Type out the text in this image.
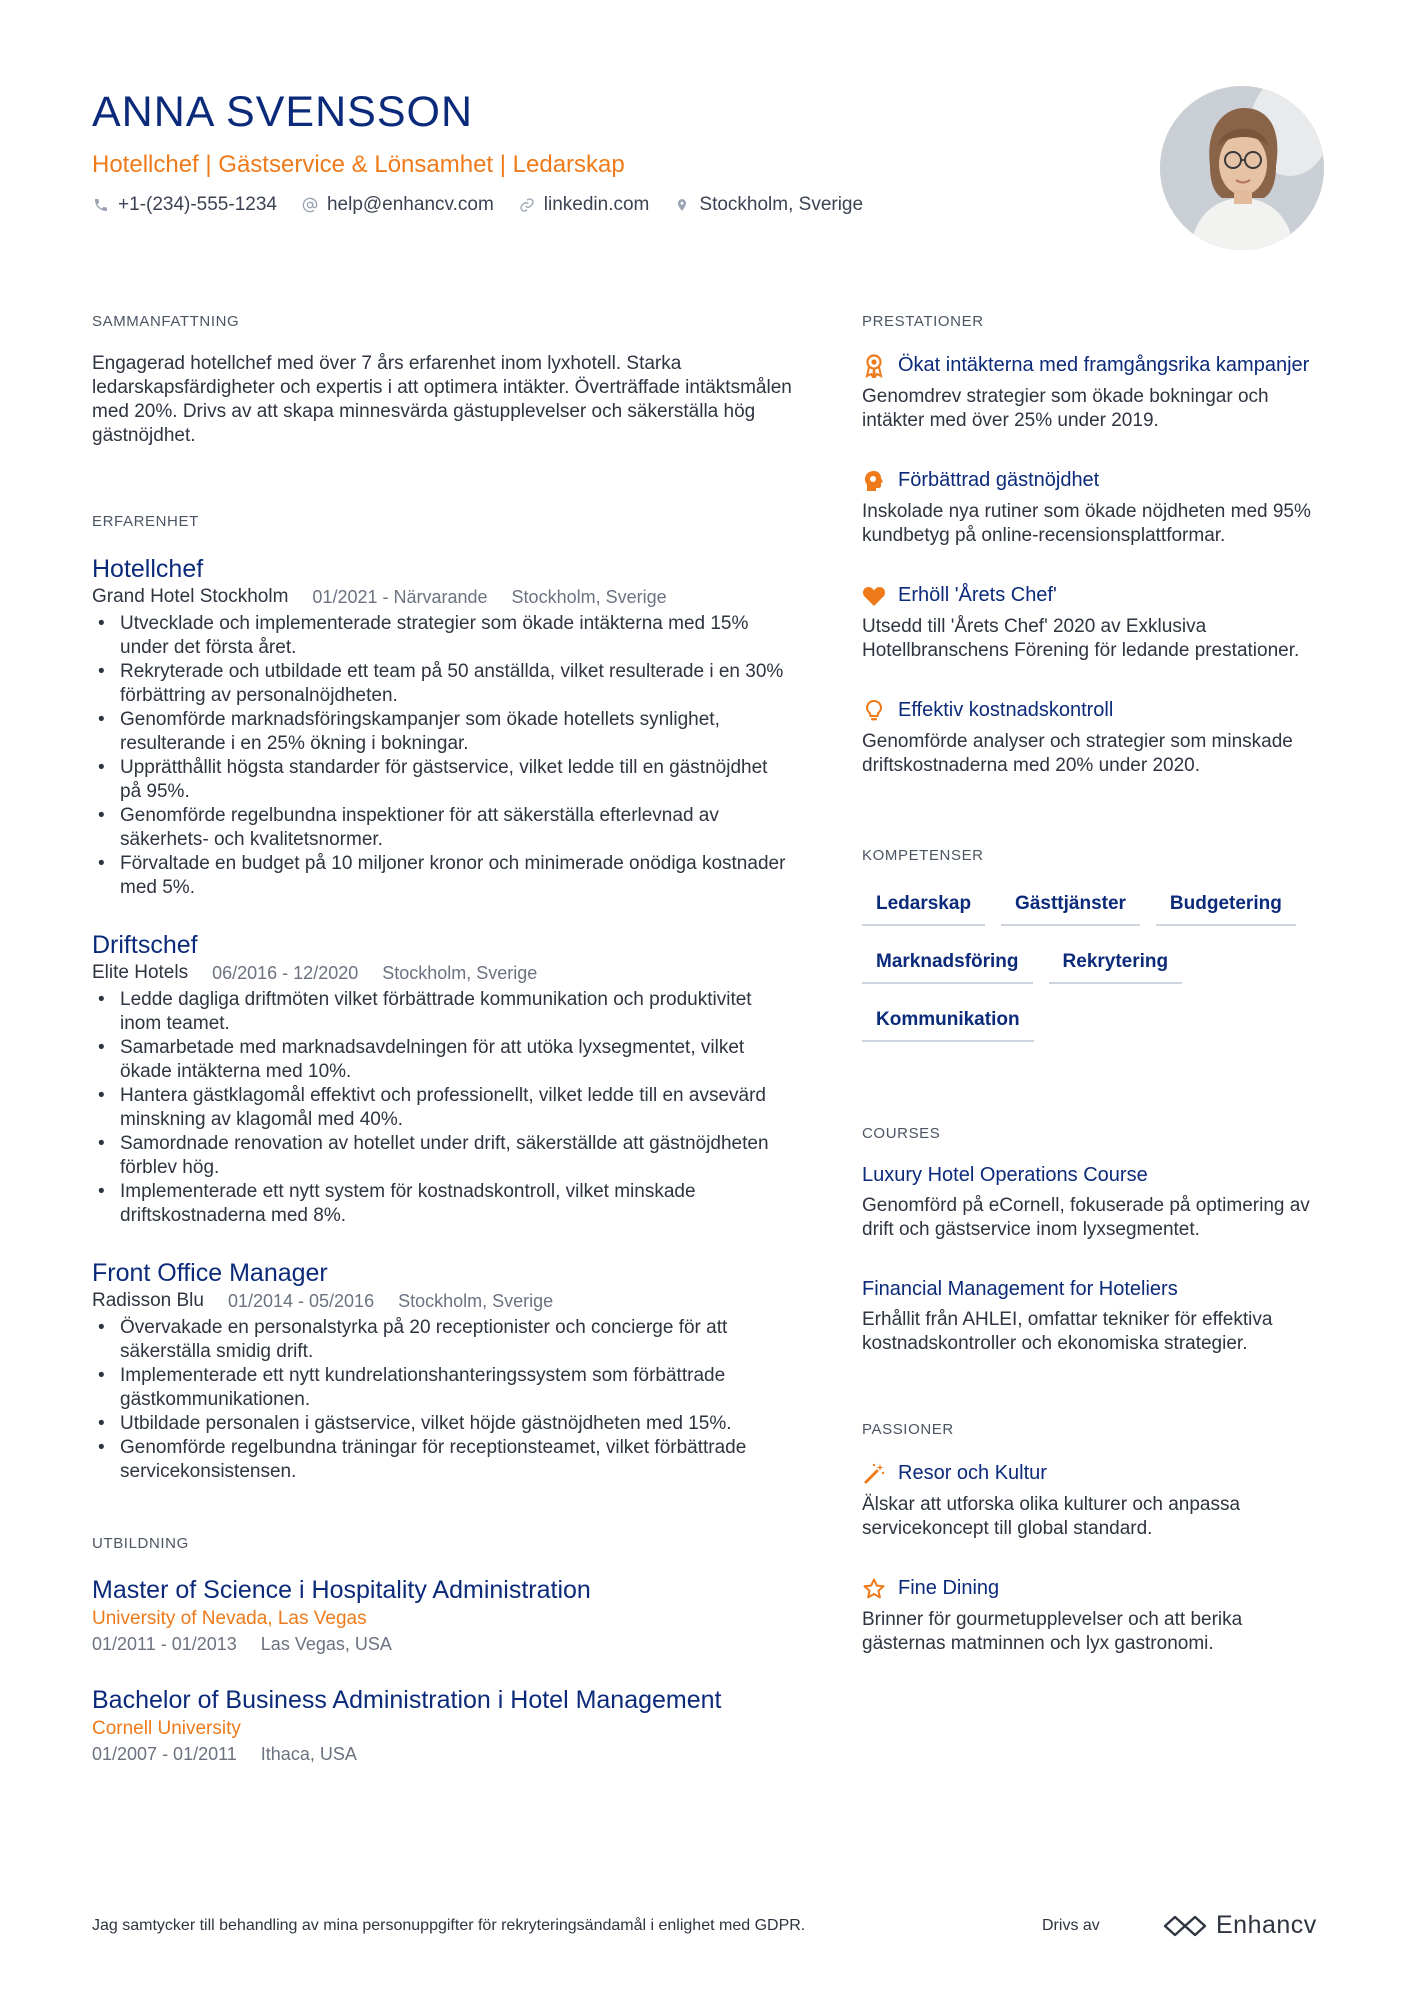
ANNA SVENSSON
Hotellchef | Gästservice & Lönsamhet | Ledarskap
+1-(234)-555-1234	help@enhancv.com	linkedin.com	Stockholm, Sverige
SAMMANFATTNING

Engagerad hotellchef med över 7 års erfarenhet inom lyxhotell. Starka ledarskapsfärdigheter och expertis i att optimera intäkter. Överträffade intäktsmålen med 20%. Drivs av att skapa minnesvärda gästupplevelser och säkerställa hög gästnöjdhet.

ERFARENHET
Hotellchef
Grand Hotel Stockholm 01/2021 - Närvarande Stockholm, Sverige
• Utvecklade och implementerade strategier som ökade intäkterna med 15% under det första året.
• Rekryterade och utbildade ett team på 50 anställda, vilket resulterade i en 30% förbättring av personalnöjdheten.
• Genomförde marknadsföringskampanjer som ökade hotellets synlighet, resulterande i en 25% ökning i bokningar.
• Upprätthållit högsta standarder för gästservice, vilket ledde till en gästnöjdhet på 95%.
• Genomförde regelbundna inspektioner för att säkerställa efterlevnad av säkerhets- och kvalitetsnormer.
• Förvaltade en budget på 10 miljoner kronor och minimerade onödiga kostnader med 5%.
Driftschef
Elite Hotels 06/2016 - 12/2020 Stockholm, Sverige
• Ledde dagliga driftmöten vilket förbättrade kommunikation och produktivitet inom teamet.
• Samarbetade med marknadsavdelningen för att utöka lyxsegmentet, vilket ökade intäkterna med 10%.
• Hantera gästklagomål effektivt och professionellt, vilket ledde till en avsevärd minskning av klagomål med 40%.
• Samordnade renovation av hotellet under drift, säkerställde att gästnöjdheten förblev hög.
• Implementerade ett nytt system för kostnadskontroll, vilket minskade driftskostnaderna med 8%.
Front Office Manager
Radisson Blu 01/2014 - 05/2016 Stockholm, Sverige
• Övervakade en personalstyrka på 20 receptionister och concierge för att säkerställa smidig drift.
• Implementerade ett nytt kundrelationshanteringssystem som förbättrade gästkommunikationen.
• Utbildade personalen i gästservice, vilket höjde gästnöjdheten med 15%.
• Genomförde regelbundna träningar för receptionsteamet, vilket förbättrade servicekonsistensen.
UTBILDNING
Master of Science i Hospitality Administration
University of Nevada, Las Vegas
01/2011 - 01/2013 Las Vegas, USA
Bachelor of Business Administration i Hotel Management
Cornell University
01/2007 - 01/2011 Ithaca, USA
PRESTATIONER
Ökat intäkterna med framgångsrika kampanjer
Genomdrev strategier som ökade bokningar och intäkter med över 25% under 2019.
Förbättrad gästnöjdhet
Inskolade nya rutiner som ökade nöjdheten med 95% kundbetyg på online-recensionsplattformar.
Erhöll 'Årets Chef'
Utsedd till 'Årets Chef' 2020 av Exklusiva Hotellbranschens Förening för ledande prestationer.
Effektiv kostnadskontroll
Genomförde analyser och strategier som minskade driftskostnaderna med 20% under 2020.
KOMPETENSER
Ledarskap	Gästtjänster	Budgetering
Marknadsföring	Rekrytering
Kommunikation
COURSES
Luxury Hotel Operations Course
Genomförd på eCornell, fokuserade på optimering av drift och gästservice inom lyxsegmentet.
Financial Management for Hoteliers
Erhållit från AHLEI, omfattar tekniker för effektiva kostnadskontroller och ekonomiska strategier.
PASSIONER
Resor och Kultur
Älskar att utforska olika kulturer och anpassa servicekoncept till global standard.
Fine Dining
Brinner för gourmetupplevelser och att berika gästernas matminnen och lyx gastronomi.
Jag samtycker till behandling av mina personuppgifter för rekryteringsändamål i enlighet med GDPR.	Drivs av	Enhancv
